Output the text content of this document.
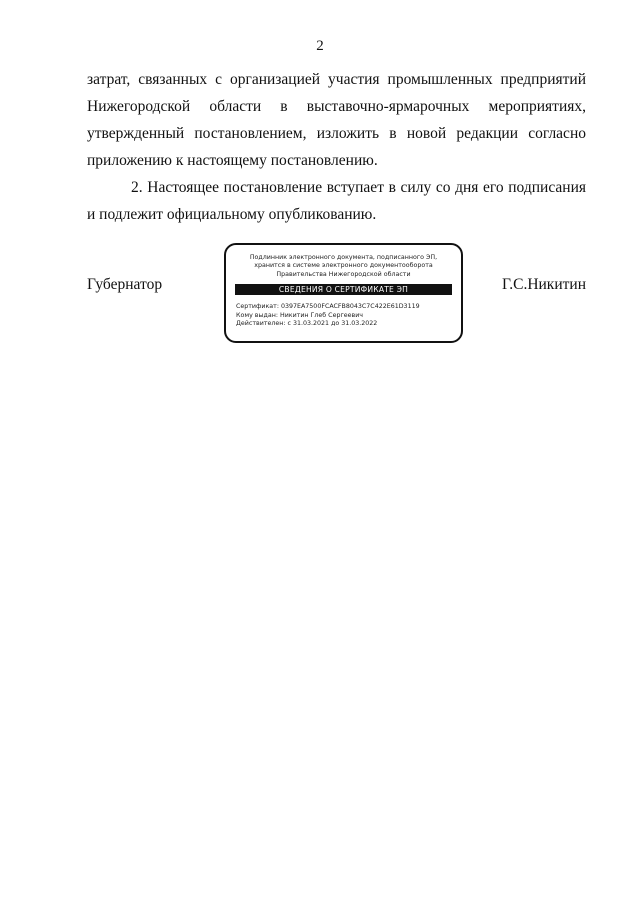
2

затрат, связанных с организацией участия промышленных предприятий Нижегородской области в выставочно-ярмарочных мероприятиях, утвержденный постановлением, изложить в новой редакции согласно приложению к настоящему постановлению.

2. Настоящее постановление вступает в силу со дня его подписания и подлежит официальному опубликованию.

Губернатор
Подлинник электронного документа, подписанного ЭП,
хранится в системе электронного документооборота
Правительства Нижегородской области
СВЕДЕНИЯ О СЕРТИФИКАТЕ ЭП
Сертификат: 0397EA7500FCACFB8043C7C422E61D3119
Кому выдан: Никитин Глеб Сергеевич
Действителен: с 31.03.2021 до 31.03.2022
Г.С.Никитин
